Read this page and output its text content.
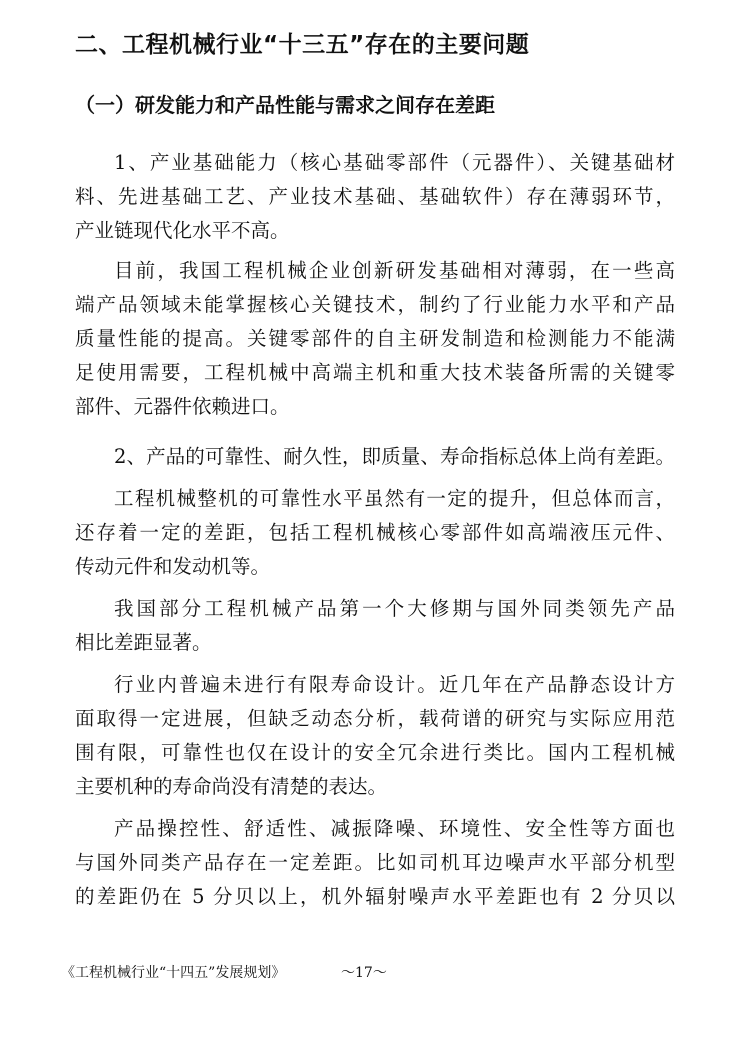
二、工程机械行业“十三五”存在的主要问题
（一）研发能力和产品性能与需求之间存在差距
1、产业基础能力（核心基础零部件（元器件）、关键基础材
料、先进基础工艺、产业技术基础、基础软件）存在薄弱环节，
产业链现代化水平不高。
目前，我国工程机械企业创新研发基础相对薄弱，在一些高
端产品领域未能掌握核心关键技术，制约了行业能力水平和产品
质量性能的提高。关键零部件的自主研发制造和检测能力不能满
足使用需要，工程机械中高端主机和重大技术装备所需的关键零
部件、元器件依赖进口。
2、产品的可靠性、耐久性，即质量、寿命指标总体上尚有差距。
工程机械整机的可靠性水平虽然有一定的提升，但总体而言，
还存着一定的差距，包括工程机械核心零部件如高端液压元件、
传动元件和发动机等。
我国部分工程机械产品第一个大修期与国外同类领先产品
相比差距显著。
行业内普遍未进行有限寿命设计。近几年在产品静态设计方
面取得一定进展，但缺乏动态分析，载荷谱的研究与实际应用范
围有限，可靠性也仅在设计的安全冗余进行类比。国内工程机械
主要机种的寿命尚没有清楚的表达。
产品操控性、舒适性、减振降噪、环境性、安全性等方面也
与国外同类产品存在一定差距。比如司机耳边噪声水平部分机型
的差距仍在 5 分贝以上，机外辐射噪声水平差距也有 2 分贝以
《工程机械行业“十四五”发展规划》	～17～
